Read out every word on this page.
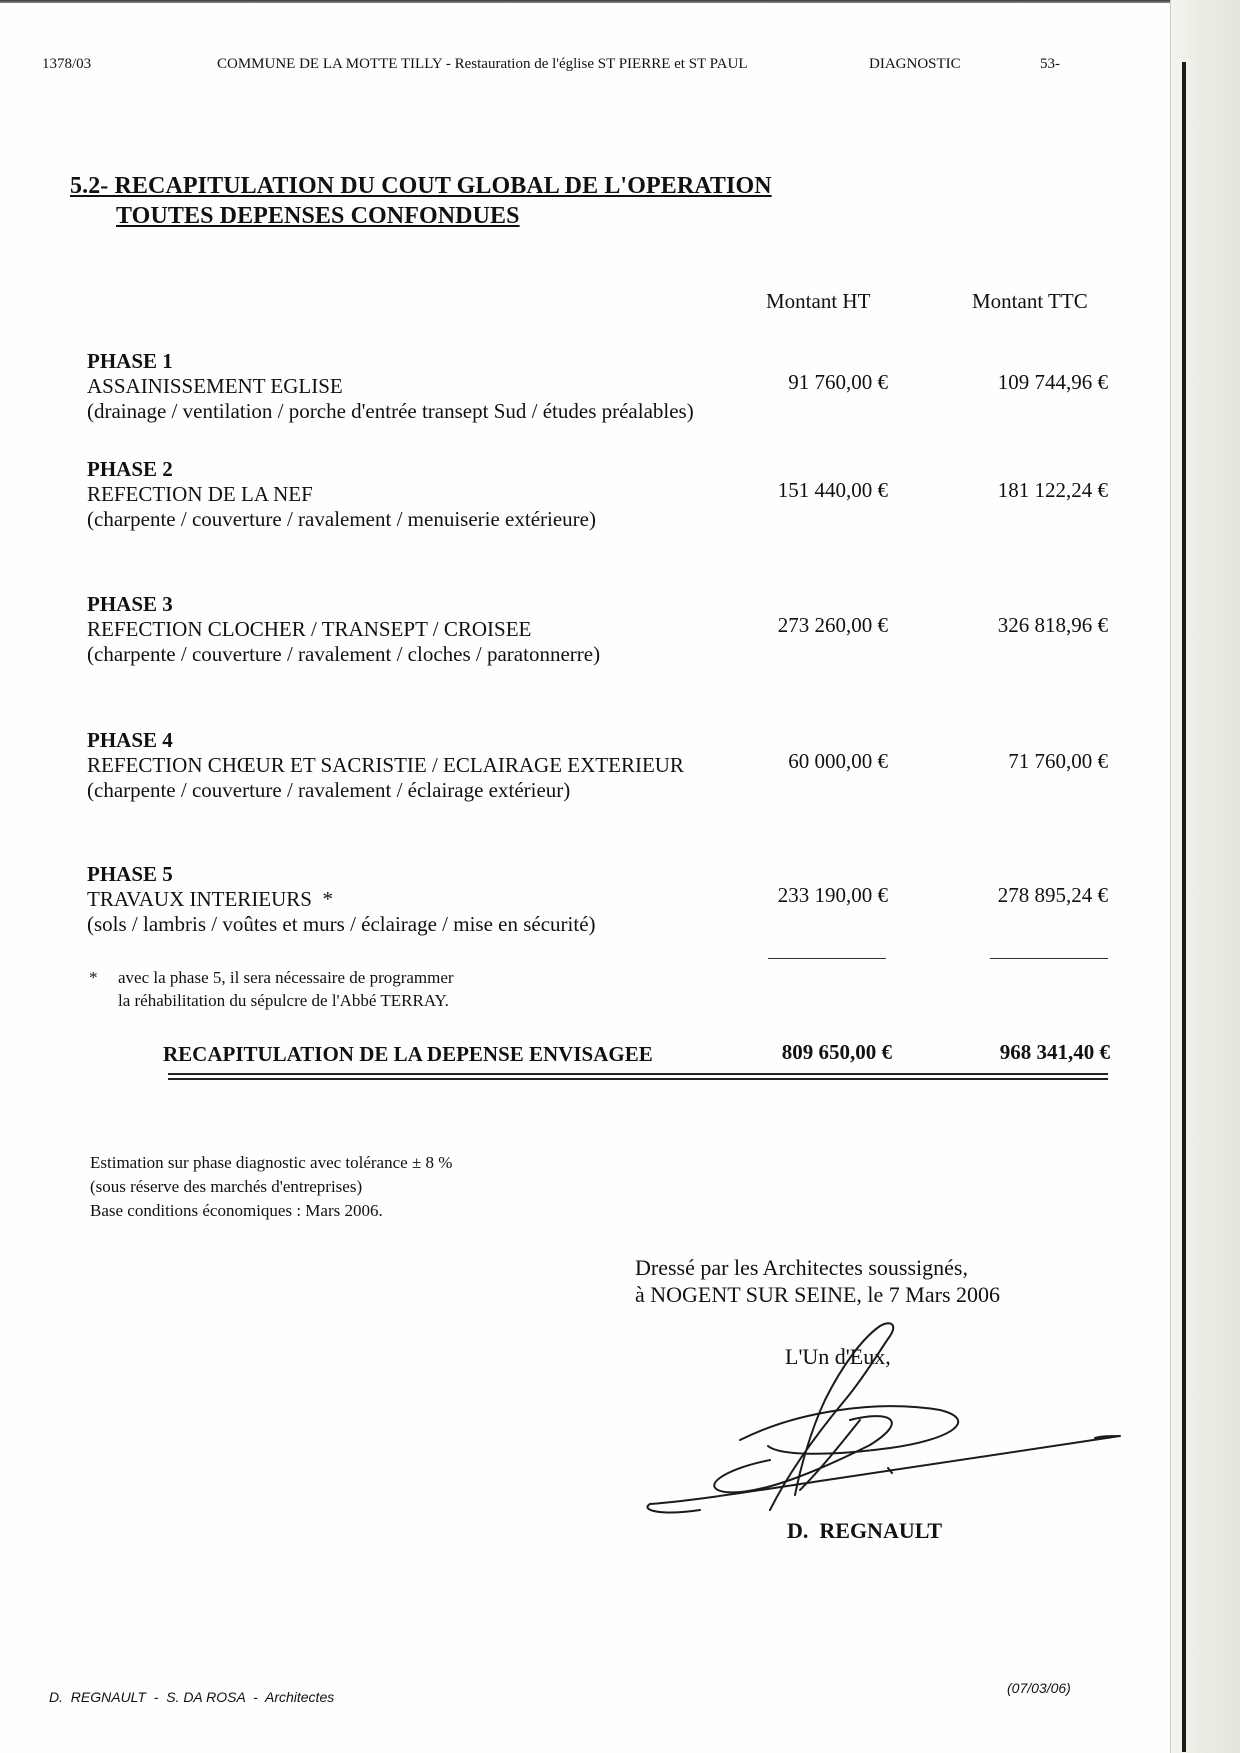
1378/03	COMMUNE DE LA MOTTE TILLY - Restauration de l'église ST PIERRE et ST PAUL	DIAGNOSTIC	53-
5.2- RECAPITULATION DU COUT GLOBAL DE L'OPERATION
TOUTES DEPENSES CONFONDUES
Montant HT	Montant TTC
PHASE 1
ASSAINISSEMENT EGLISE
(drainage / ventilation / porche d'entrée transept Sud / études préalables)
91 760,00 €	109 744,96 €
PHASE 2
REFECTION DE LA NEF
(charpente / couverture / ravalement / menuiserie extérieure)
151 440,00 €	181 122,24 €
PHASE 3
REFECTION CLOCHER / TRANSEPT / CROISEE
(charpente / couverture / ravalement / cloches / paratonnerre)
273 260,00 €	326 818,96 €
PHASE 4
REFECTION CHŒUR ET SACRISTIE / ECLAIRAGE EXTERIEUR
(charpente / couverture / ravalement / éclairage extérieur)
60 000,00 €	71 760,00 €
PHASE 5
TRAVAUX INTERIEURS  *
(sols / lambris / voûtes et murs / éclairage / mise en sécurité)
233 190,00 €	278 895,24 €
* avec la phase 5, il sera nécessaire de programmer
la réhabilitation du sépulcre de l'Abbé TERRAY.
RECAPITULATION DE LA DEPENSE ENVISAGEE	809 650,00 €	968 341,40 €
Estimation sur phase diagnostic avec tolérance ± 8 %
(sous réserve des marchés d'entreprises)
Base conditions économiques : Mars 2006.
Dressé par les Architectes soussignés,
à NOGENT SUR SEINE, le 7 Mars 2006
L'Un d'Eux,
D.  REGNAULT
D.  REGNAULT  -  S. DA ROSA  -  Architectes
(07/03/06)
